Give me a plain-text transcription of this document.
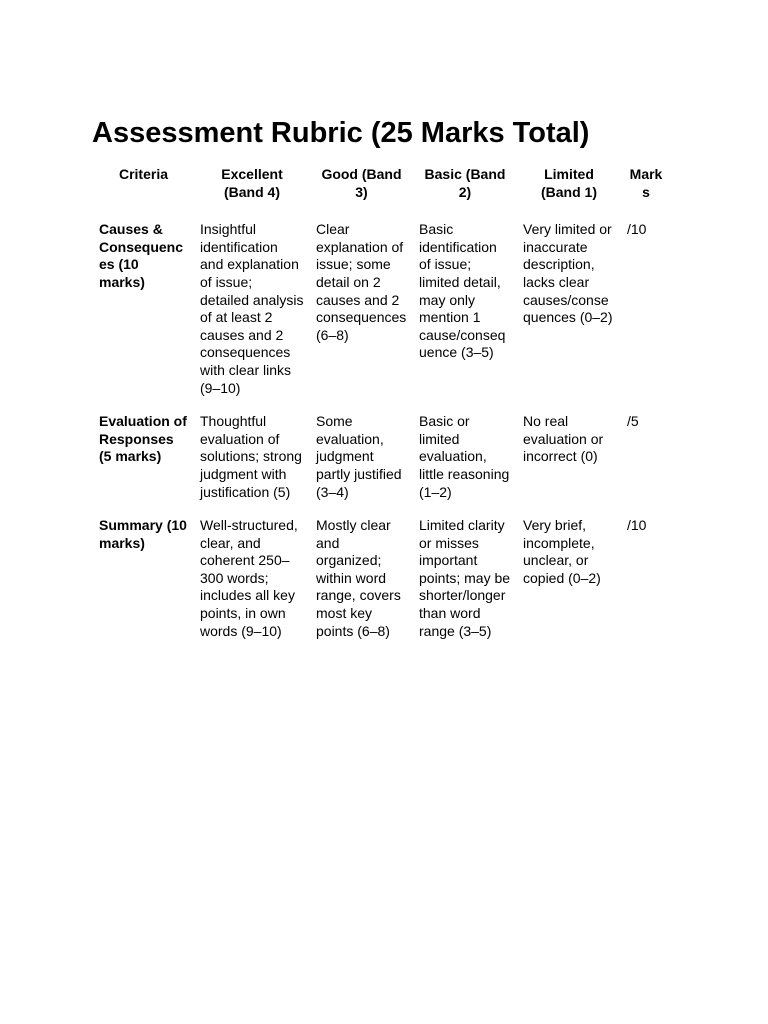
Assessment Rubric (25 Marks Total)
Criteria	Excellent (Band 4)	Good (Band 3)	Basic (Band 2)	Limited (Band 1)	Marks
Causes & Consequences (10 marks)	Insightful identification and explanation of issue; detailed analysis of at least 2 causes and 2 consequences with clear links (9–10)	Clear explanation of issue; some detail on 2 causes and 2 consequences (6–8)	Basic identification of issue; limited detail, may only mention 1 cause/consequence (3–5)	Very limited or inaccurate description, lacks clear causes/consequences (0–2)	/10
Evaluation of Responses (5 marks)	Thoughtful evaluation of solutions; strong judgment with justification (5)	Some evaluation, judgment partly justified (3–4)	Basic or limited evaluation, little reasoning (1–2)	No real evaluation or incorrect (0)	/5
Summary (10 marks)	Well-structured, clear, and coherent 250–300 words; includes all key points, in own words (9–10)	Mostly clear and organized; within word range, covers most key points (6–8)	Limited clarity or misses important points; may be shorter/longer than word range (3–5)	Very brief, incomplete, unclear, or copied (0–2)	/10
